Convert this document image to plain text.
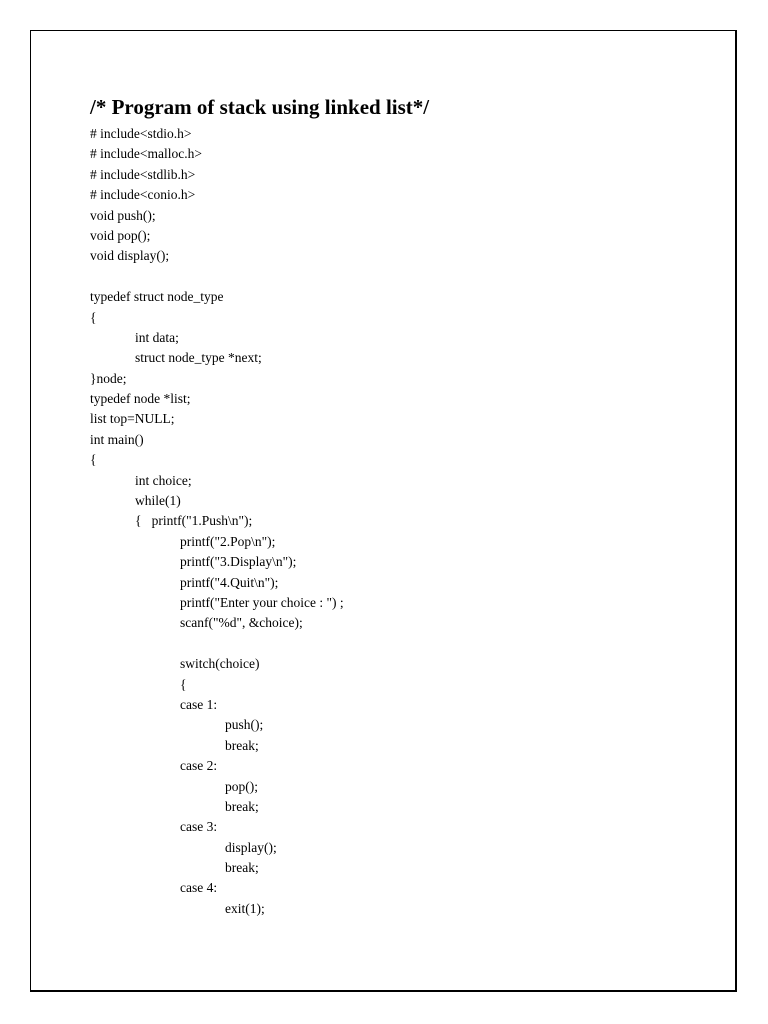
/* Program of stack using linked list*/
# include<stdio.h>
# include<malloc.h>
# include<stdlib.h>
# include<conio.h>
void push();
void pop();
void display();
typedef struct node_type
{
int data;
struct node_type *next;
}node;
typedef node *list;
list top=NULL;
int main()
{
int choice;
while(1)
{   printf("1.Push\n");
printf("2.Pop\n");
printf("3.Display\n");
printf("4.Quit\n");
printf("Enter your choice : ") ;
scanf("%d", &choice);
switch(choice)
{
case 1:
push();
break;
case 2:
pop();
break;
case 3:
display();
break;
case 4:
exit(1);
